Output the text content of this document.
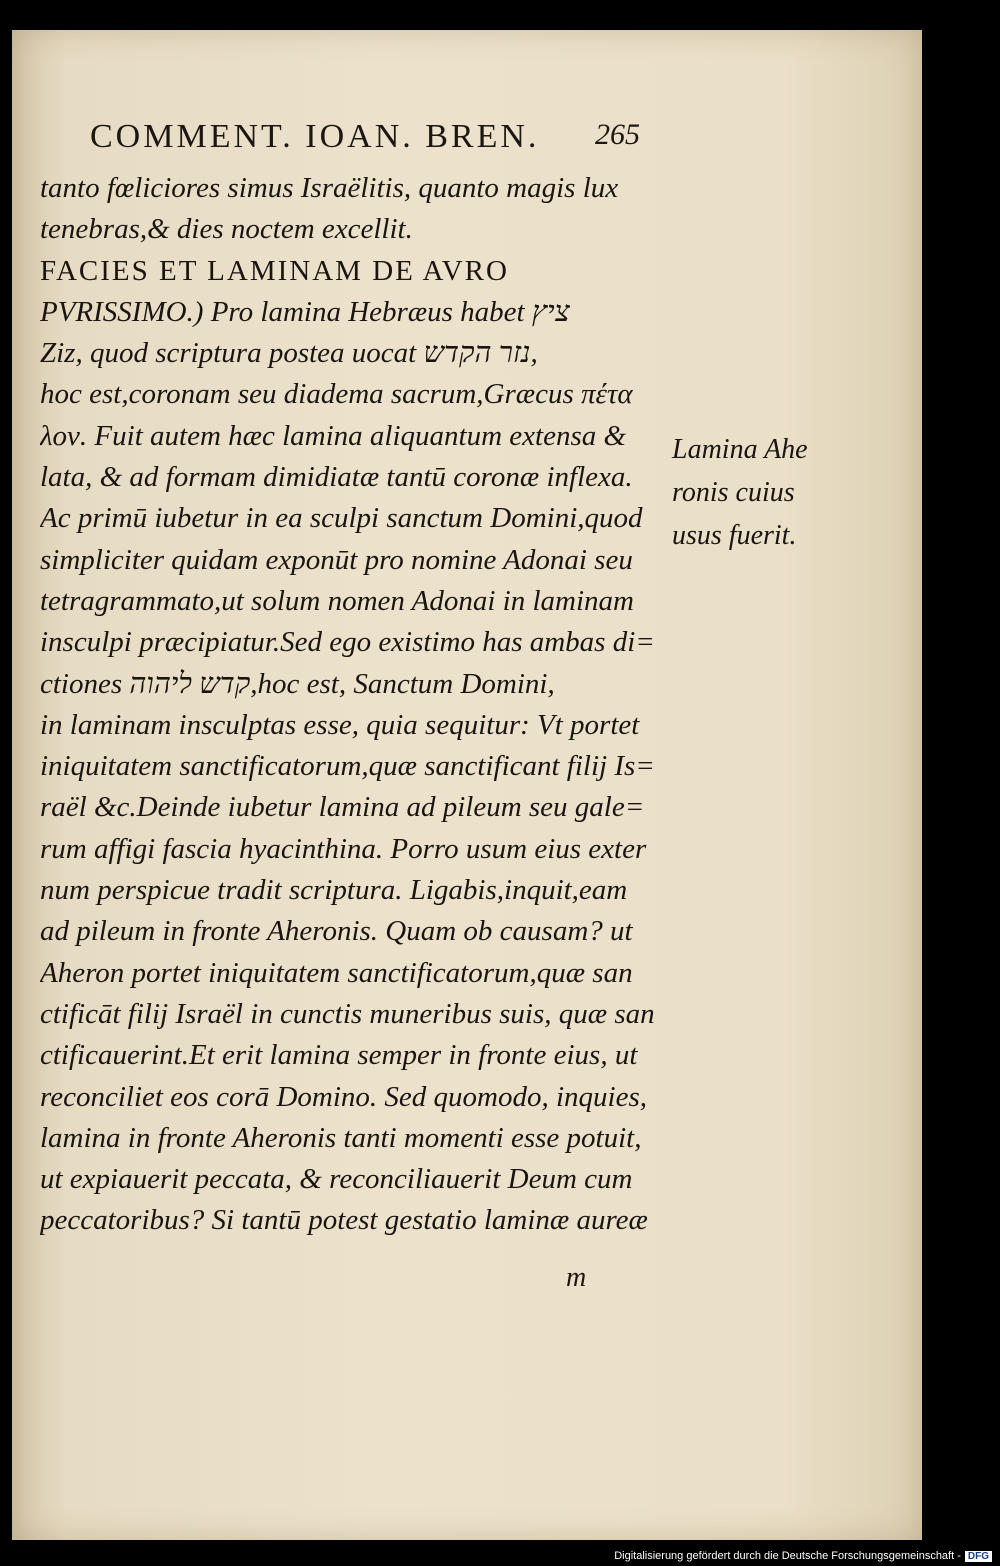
COMMENT. IOAN. BREN. 265
tanto fœliciores simus Israëlitis, quanto magis lux
tenebras,& dies noctem excellit.
FACIES ET LAMINAM DE AVRO
PVRISSIMO.) Pro lamina Hebræus habet ציץ
Ziz, quod scriptura postea uocat נזר הקדש,
hoc est,coronam seu diadema sacrum,Græcus πέτα
λον. Fuit autem hæc lamina aliquantum extensa &
lata, & ad formam dimidiatæ tantū coronæ inflexa.
Ac primū iubetur in ea sculpi sanctum Domini,quod
simpliciter quidam exponūt pro nomine Adonai seu
tetragrammato,ut solum nomen Adonai in laminam
insculpi præcipiatur.Sed ego existimo has ambas di=
ctiones קדש ליהוה,hoc est, Sanctum Domini,
in laminam insculptas esse, quia sequitur: Vt portet
iniquitatem sanctificatorum,quæ sanctificant filij Is=
raël &c.Deinde iubetur lamina ad pileum seu gale=
rum affigi fascia hyacinthina. Porro usum eius exter
num perspicue tradit scriptura. Ligabis,inquit,eam
ad pileum in fronte Aheronis. Quam ob causam? ut
Aheron portet iniquitatem sanctificatorum,quæ san
ctificāt filij Israël in cunctis muneribus suis, quæ san
ctificauerint.Et erit lamina semper in fronte eius, ut
reconciliet eos corā Domino. Sed quomodo, inquies,
lamina in fronte Aheronis tanti momenti esse potuit,
ut expiauerit peccata, & reconciliauerit Deum cum
peccatoribus? Si tantū potest gestatio laminæ aureæ
Lamina Ahe
ronis cuius
usus fuerit.
m
Digitalisierung gefördert durch die Deutsche Forschungsgemeinschaft - DFG
